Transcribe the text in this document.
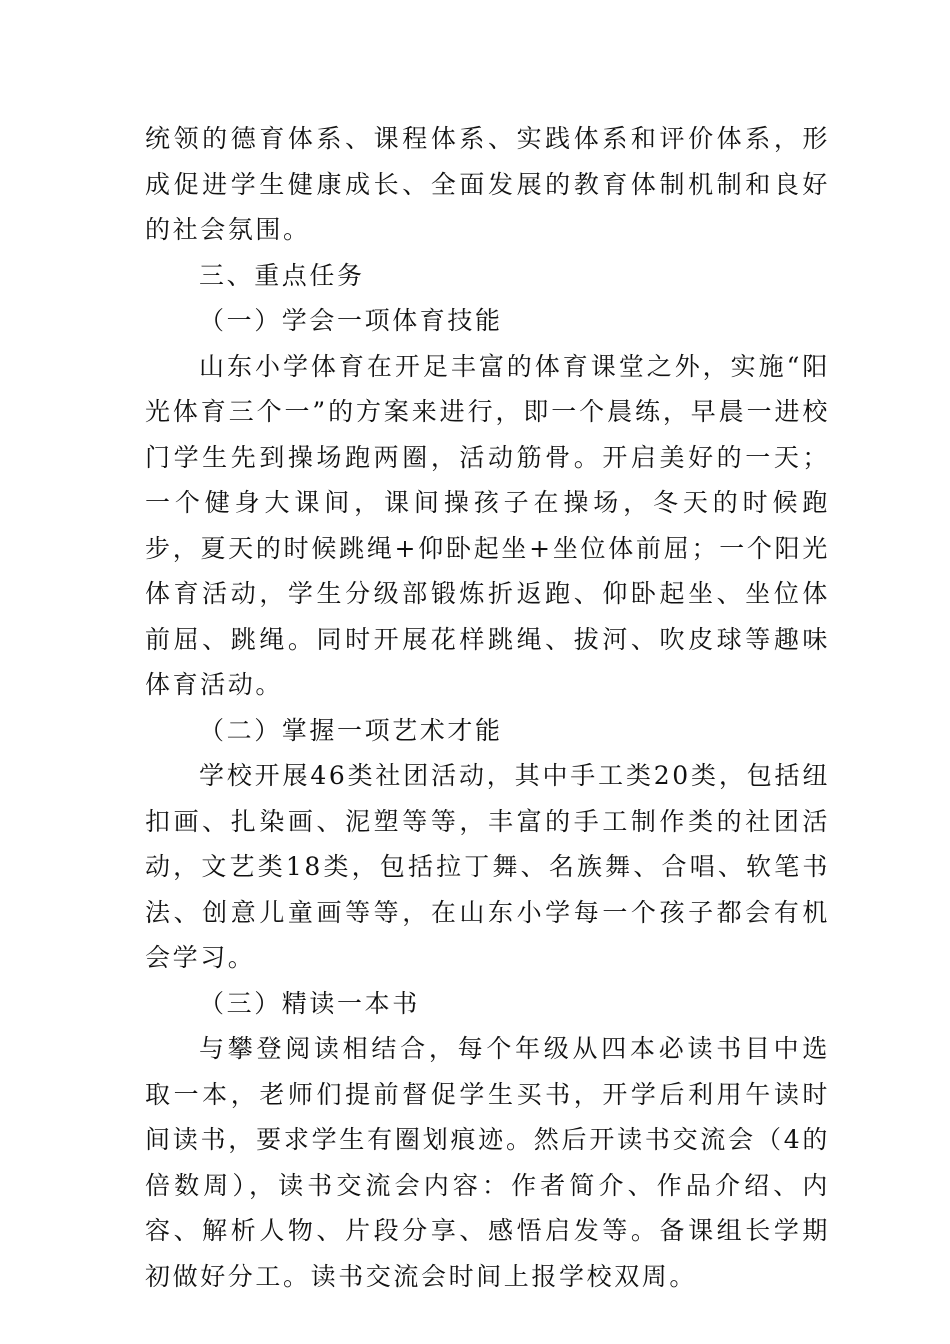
统领的德育体系、课程体系、实践体系和评价体系，形成促进学生健康成长、全面发展的教育体制机制和良好的社会氛围。

三、重点任务

（一）学会一项体育技能

山东小学体育在开足丰富的体育课堂之外，实施“阳光体育三个一”的方案来进行，即一个晨练，早晨一进校门学生先到操场跑两圈，活动筋骨。开启美好的一天；一个健身大课间，课间操孩子在操场，冬天的时候跑步，夏天的时候跳绳+仰卧起坐+坐位体前屈；一个阳光体育活动，学生分级部锻炼折返跑、仰卧起坐、坐位体前屈、跳绳。同时开展花样跳绳、拔河、吹皮球等趣味体育活动。

（二）掌握一项艺术才能

学校开展46类社团活动，其中手工类20类，包括纽扣画、扎染画、泥塑等等，丰富的手工制作类的社团活动，文艺类18类，包括拉丁舞、名族舞、合唱、软笔书法、创意儿童画等等，在山东小学每一个孩子都会有机会学习。

（三）精读一本书

与攀登阅读相结合，每个年级从四本必读书目中选取一本，老师们提前督促学生买书，开学后利用午读时间读书，要求学生有圈划痕迹。然后开读书交流会（4的倍数周），读书交流会内容：作者简介、作品介绍、内容、解析人物、片段分享、感悟启发等。备课组长学期初做好分工。读书交流会时间上报学校双周。
